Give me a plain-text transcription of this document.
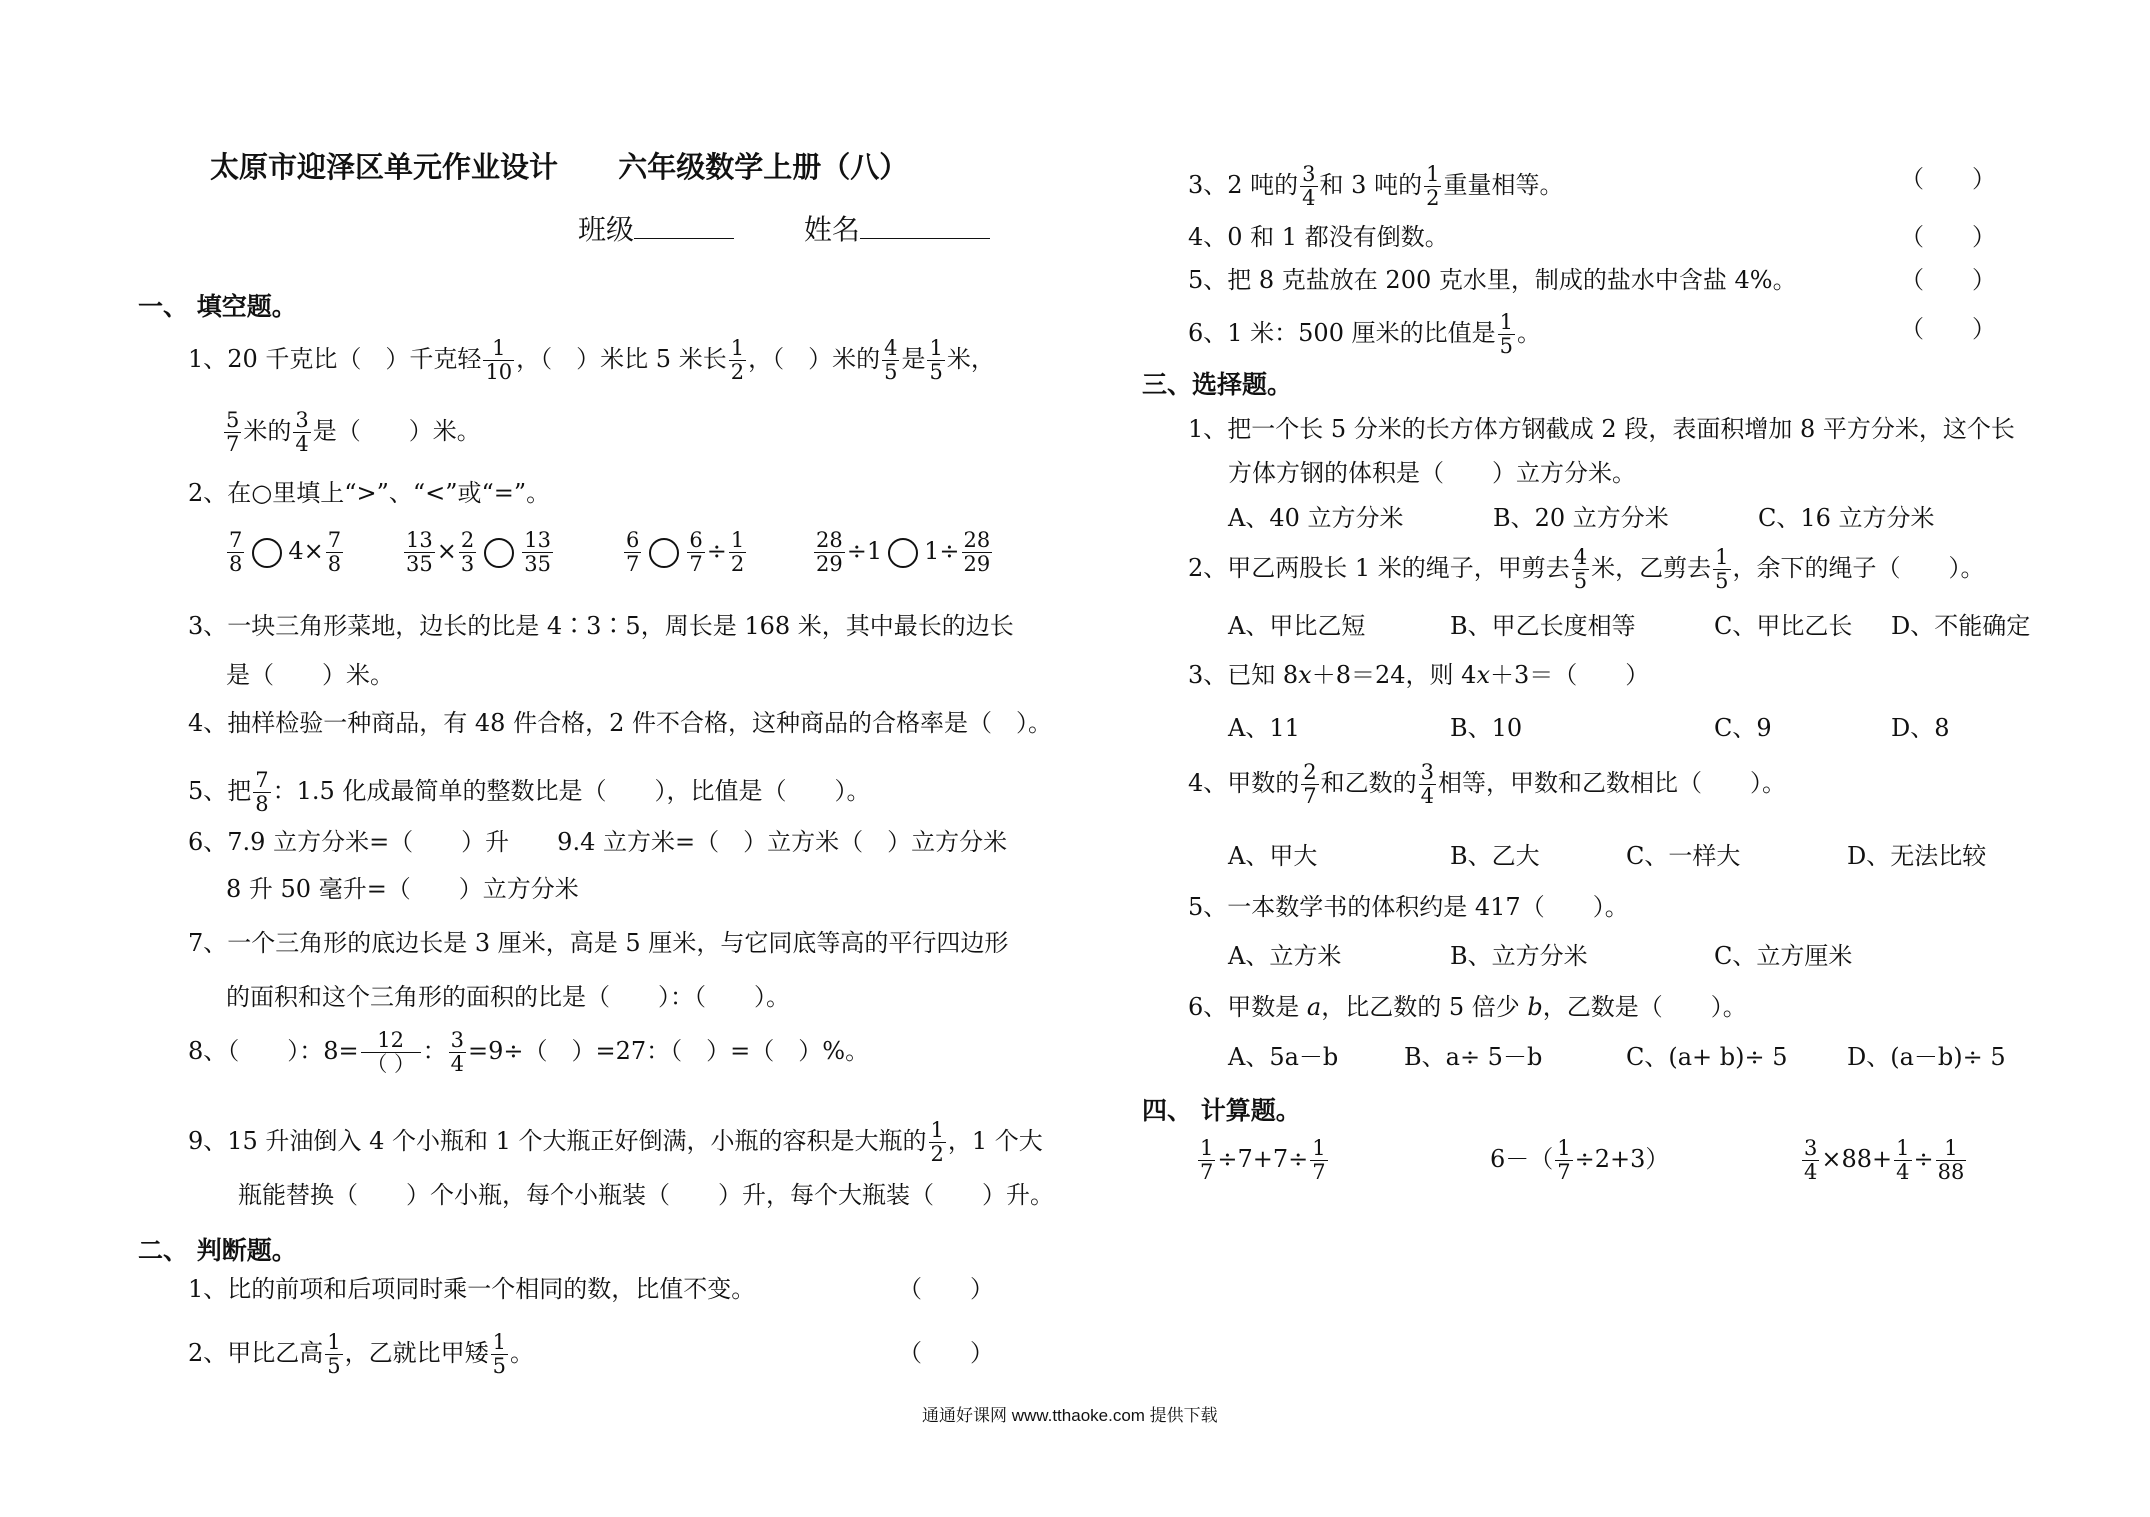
太原市迎泽区单元作业设计 六年级数学上册（八）
班级	姓名
一、 填空题。
1、20 千克比（　）千克轻 $\frac{1}{10}$ ，（　）米比 5 米长 $\frac{1}{2}$ ，（　）米的 $\frac{4}{5}$ 是 $\frac{1}{5}$ 米，
$\frac{5}{7}$ 米的 $\frac{3}{4}$ 是（　　）米。
2、在○里填上“>”、“<”或“=”。
$\frac{7}{8} 4\times \frac{7}{8}$	$\frac{13}{35} \times \frac{2}{3} \frac{13}{35}$	$\frac{6}{7} \frac{6}{7} \div \frac{1}{2}$	$\frac{28}{29} \div 1$ $1\div \frac{28}{29}$
3、一块三角形菜地，边长的比是 4∶3∶5，周长是 168 米，其中最长的边长
是（　　）米。
4、抽样检验一种商品，有 48 件合格，2 件不合格，这种商品的合格率是（　）。
5、把 $\frac{7}{8}$ ：1.5 化成最简单的整数比是（　　），比值是（　　）。
6、7.9 立方分米=（　　）升　　9.4 立方米=（　）立方米（　）立方分米
8 升 50 毫升=（　　）立方分米
7、一个三角形的底边长是 3 厘米，高是 5 厘米，与它同底等高的平行四边形
的面积和这个三角形的面积的比是（　　）：（　　）。
8、（　　）：8= 12
（ ） ： $\frac{3}{4} =9\div$（　）=27：（　）=（　）%。
9、15 升油倒入 4 个小瓶和 1 个大瓶正好倒满，小瓶的容积是大瓶的 $\frac{1}{2}$ ，1 个大
瓶能替换（　　）个小瓶，每个小瓶装（　　）升，每个大瓶装（　　）升。
二、 判断题。
1、比的前项和后项同时乘一个相同的数，比值不变。	（　　）
2、甲比乙高 $\frac{1}{5}$ ，乙就比甲矮 $\frac{1}{5}$ 。	（　　）
3、2 吨的 $\frac{3}{4}$ 和 3 吨的 $\frac{1}{2}$ 重量相等。	（　　）
4、0 和 1 都没有倒数。	（　　）
5、把 8 克盐放在 200 克水里，制成的盐水中含盐 4%。	（　　）
6、1 米：500 厘米的比值是 $\frac{1}{5}$ 。	（　　）
三、选择题。
1、把一个长 5 分米的长方体方钢截成 2 段，表面积增加 8 平方分米，这个长
方体方钢的体积是（　　）立方分米。
A、40 立方分米	B、20 立方分米	C、16 立方分米
2、甲乙两股长 1 米的绳子，甲剪去 $\frac{4}{5}$ 米，乙剪去 $\frac{1}{5}$ ，余下的绳子（　　）。
A、甲比乙短	B、甲乙长度相等	C、甲比乙长 D、不能确定
3、已知 8x＋8＝24，则 4x＋3＝（　　）
A、11	B、10	C、9	D、8
4、甲数的 $\frac{2}{7}$ 和乙数的 $\frac{3}{4}$ 相等，甲数和乙数相比（　　）。
A、甲大	B、乙大	C、一样大	D、无法比较
5、一本数学书的体积约是 417（　　）。
A、立方米	B、立方分米	C、立方厘米
6、甲数是 a，比乙数的 5 倍少 b，乙数是（　　）。
A、5a－b	B、a÷ 5－b	C、(a+ b)÷ 5 D、(a－b)÷ 5
四、 计算题。
$\frac{1}{7} \div 7+7\div \frac{1}{7}$	$6-( \frac{1}{7} \div 2+3)$	$\frac{3}{4} \times 88+ \frac{1}{4} \div \frac{1}{88}$
通通好课网 www.tthaoke.com 提供下载
